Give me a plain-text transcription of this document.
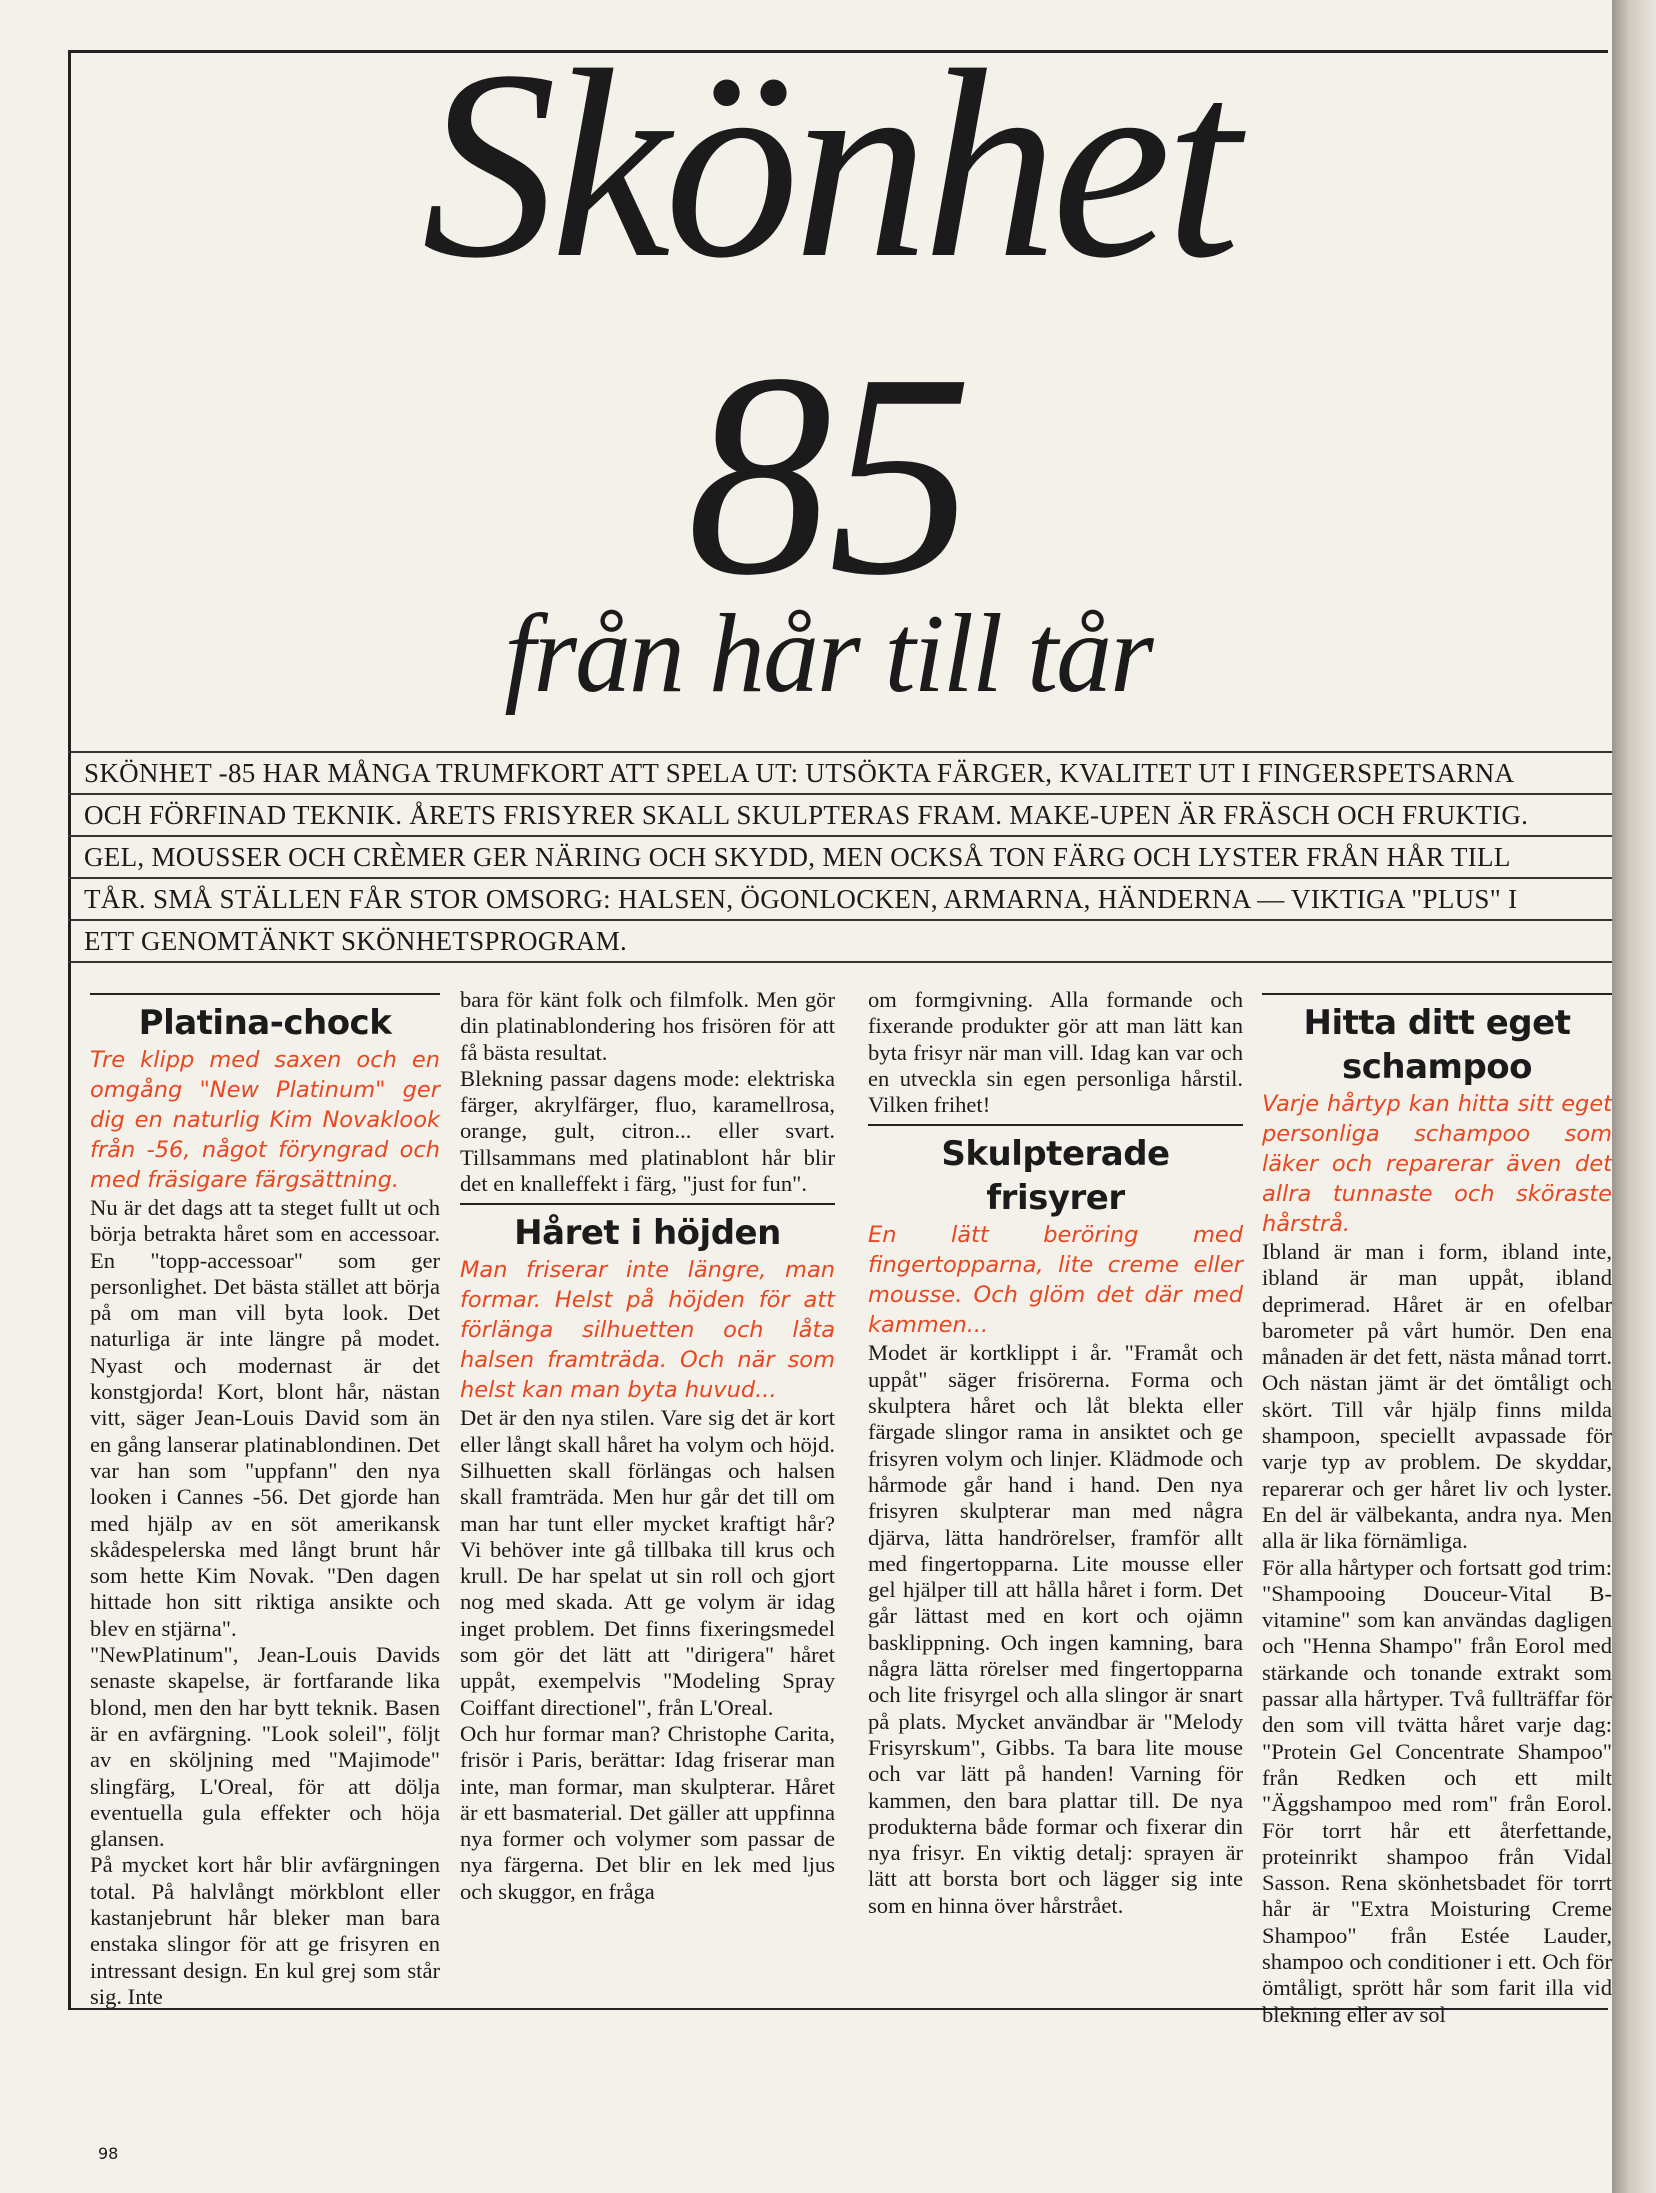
Skönhet
85
från hår till tår
SKÖNHET -85 HAR MÅNGA TRUMFKORT ATT SPELA UT: UTSÖKTA FÄRGER, KVALITET UT I FINGERSPETSARNA
OCH FÖRFINAD TEKNIK. ÅRETS FRISYRER SKALL SKULPTERAS FRAM. MAKE-UPEN ÄR FRÄSCH OCH FRUKTIG.
GEL, MOUSSER OCH CRÈMER GER NÄRING OCH SKYDD, MEN OCKSÅ TON FÄRG OCH LYSTER FRÅN HÅR TILL
TÅR. SMÅ STÄLLEN FÅR STOR OMSORG: HALSEN, ÖGONLOCKEN, ARMARNA, HÄNDERNA — VIKTIGA "PLUS" I
ETT GENOMTÄNKT SKÖNHETSPROGRAM.
Platina-chock

Tre klipp med saxen och en omgång "New Platinum" ger dig en naturlig Kim Novaklook från -56, något föryngrad och med fräsigare färgsättning.

Nu är det dags att ta steget fullt ut och börja betrakta håret som en accessoar. En "topp-accessoar" som ger personlighet. Det bästa stället att börja på om man vill byta look. Det naturliga är inte längre på modet. Nyast och modernast är det konstgjorda! Kort, blont hår, nästan vitt, säger Jean-Louis David som än en gång lanserar platinablondinen. Det var han som "uppfann" den nya looken i Cannes -56. Det gjorde han med hjälp av en söt amerikansk skådespelerska med långt brunt hår som hette Kim Novak. "Den dagen hittade hon sitt riktiga ansikte och blev en stjärna".

"NewPlatinum", Jean-Louis Davids senaste skapelse, är fortfarande lika blond, men den har bytt teknik. Basen är en avfärgning. "Look soleil", följt av en sköljning med "Majimode" slingfärg, L'Oreal, för att dölja eventuella gula effekter och höja glansen.

På mycket kort hår blir avfärgningen total. På halvlångt mörkblont eller kastanjebrunt hår bleker man bara enstaka slingor för att ge frisyren en intressant design. En kul grej som står sig. Inte

bara för känt folk och filmfolk. Men gör din platinablondering hos frisören för att få bästa resultat.

Blekning passar dagens mode: elektriska färger, akrylfärger, fluo, karamellrosa, orange, gult, citron... eller svart. Tillsammans med platinablont hår blir det en knalleffekt i färg, "just for fun".

Håret i höjden

Man friserar inte längre, man formar. Helst på höjden för att förlänga silhuetten och låta halsen framträda. Och när som helst kan man byta huvud...

Det är den nya stilen. Vare sig det är kort eller långt skall håret ha volym och höjd. Silhuetten skall förlängas och halsen skall framträda. Men hur går det till om man har tunt eller mycket kraftigt hår? Vi behöver inte gå tillbaka till krus och krull. De har spelat ut sin roll och gjort nog med skada. Att ge volym är idag inget problem. Det finns fixeringsmedel som gör det lätt att "dirigera" håret uppåt, exempelvis "Modeling Spray Coiffant directionel", från L'Oreal.

Och hur formar man? Christophe Carita, frisör i Paris, berättar: Idag friserar man inte, man formar, man skulpterar. Håret är ett basmaterial. Det gäller att uppfinna nya former och volymer som passar de nya färgerna. Det blir en lek med ljus och skuggor, en fråga

om formgivning. Alla formande och fixerande produkter gör att man lätt kan byta frisyr när man vill. Idag kan var och en utveckla sin egen personliga hårstil. Vilken frihet!

Skulpterade frisyrer

En lätt beröring med fingertopparna, lite creme eller mousse. Och glöm det där med kammen...

Modet är kortklippt i år. "Framåt och uppåt" säger frisörerna. Forma och skulptera håret och låt blekta eller färgade slingor rama in ansiktet och ge frisyren volym och linjer. Klädmode och hårmode går hand i hand. Den nya frisyren skulpterar man med några djärva, lätta handrörelser, framför allt med fingertopparna. Lite mousse eller gel hjälper till att hålla håret i form. Det går lättast med en kort och ojämn basklippning. Och ingen kamning, bara några lätta rörelser med fingertopparna och lite frisyrgel och alla slingor är snart på plats. Mycket användbar är "Melody Frisyrskum", Gibbs. Ta bara lite mouse och var lätt på handen! Varning för kammen, den bara plattar till. De nya produkterna både formar och fixerar din nya frisyr. En viktig detalj: sprayen är lätt att borsta bort och lägger sig inte som en hinna över hårstrået.

Hitta ditt eget schampoo

Varje hårtyp kan hitta sitt eget personliga schampoo som läker och reparerar även det allra tunnaste och skörastе hårstrå.

Ibland är man i form, ibland inte, ibland är man uppåt, ibland deprimerad. Håret är en ofelbar barometer på vårt humör. Den ena månaden är det fett, nästa månad torrt. Och nästan jämt är det ömtåligt och skört. Till vår hjälp finns milda shampoon, speciellt avpassade för varje typ av problem. De skyddar, reparerar och ger håret liv och lyster. En del är välbekanta, andra nya. Men alla är lika förnämliga.

För alla hårtyper och fortsatt god trim: "Shampooing Douceur-Vital B-vitamine" som kan användas dagligen och "Henna Shampo" från Eorol med stärkande och tonande extrakt som passar alla hårtyper. Två fullträffar för den som vill tvätta håret varje dag: "Protein Gel Concentrate Shampoo" från Redken och ett milt "Äggshampoo med rom" från Eorol. För torrt hår ett återfettande, proteinrikt shampoo från Vidal Sasson. Rena skönhetsbadet för torrt hår är "Extra Moisturing Creme Shampoo" från Estée Lauder, shampoo och conditioner i ett. Och för ömtåligt, sprött hår som farit illa vid blekning eller av sol

98
